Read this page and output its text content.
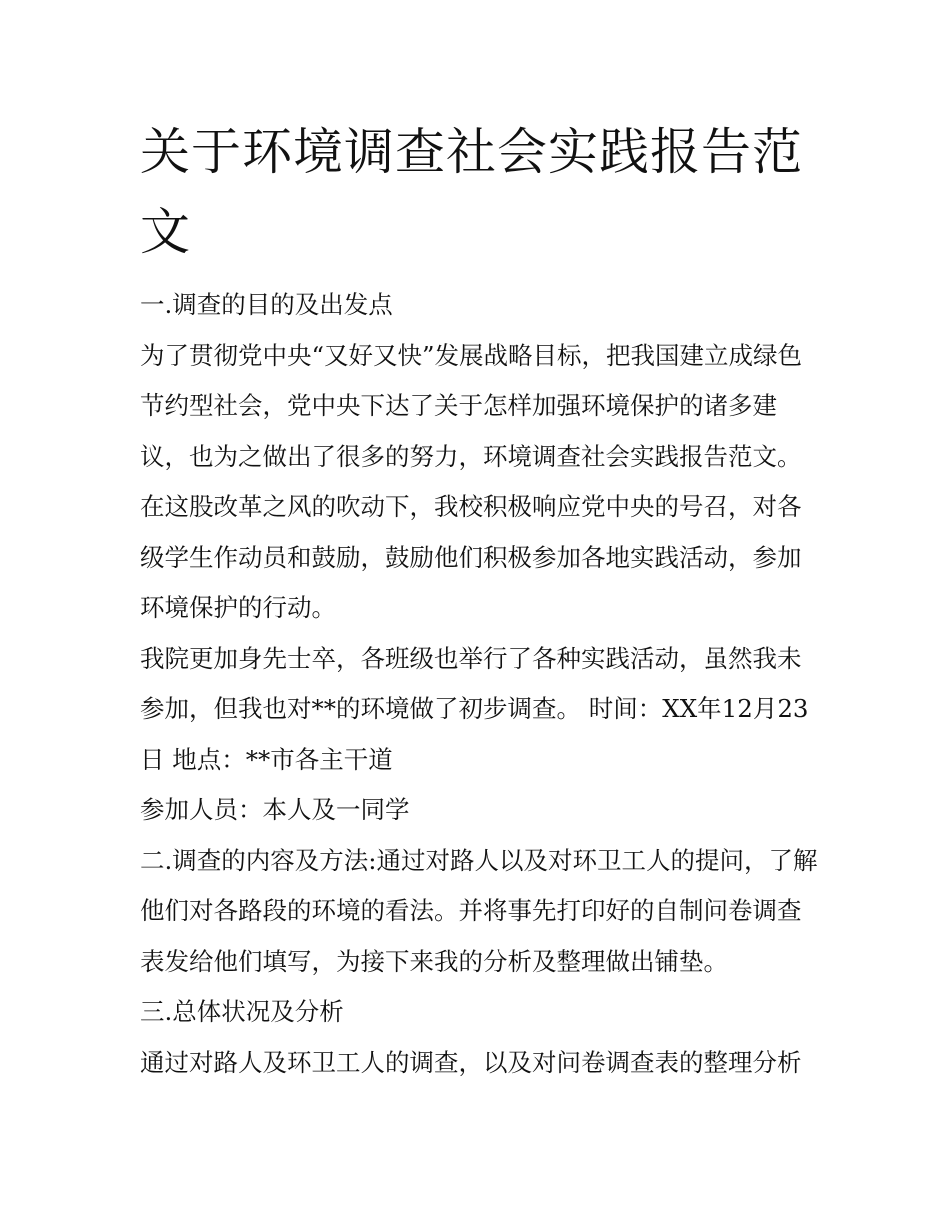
关于环境调查社会实践报告范文

一.调查的目的及出发点

为了贯彻党中央“又好又快”发展战略目标，把我国建立成绿色节约型社会，党中央下达了关于怎样加强环境保护的诸多建议，也为之做出了很多的努力，环境调查社会实践报告范文。在这股改革之风的吹动下，我校积极响应党中央的号召，对各级学生作动员和鼓励，鼓励他们积极参加各地实践活动，参加环境保护的行动。

我院更加身先士卒，各班级也举行了各种实践活动，虽然我未参加，但我也对**的环境做了初步调查。 时间：XX年12月23日 地点：**市各主干道

参加人员：本人及一同学

二.调查的内容及方法:通过对路人以及对环卫工人的提问，了解他们对各路段的环境的看法。并将事先打印好的自制问卷调查表发给他们填写，为接下来我的分析及整理做出铺垫。

三.总体状况及分析

通过对路人及环卫工人的调查，以及对问卷调查表的整理分析
